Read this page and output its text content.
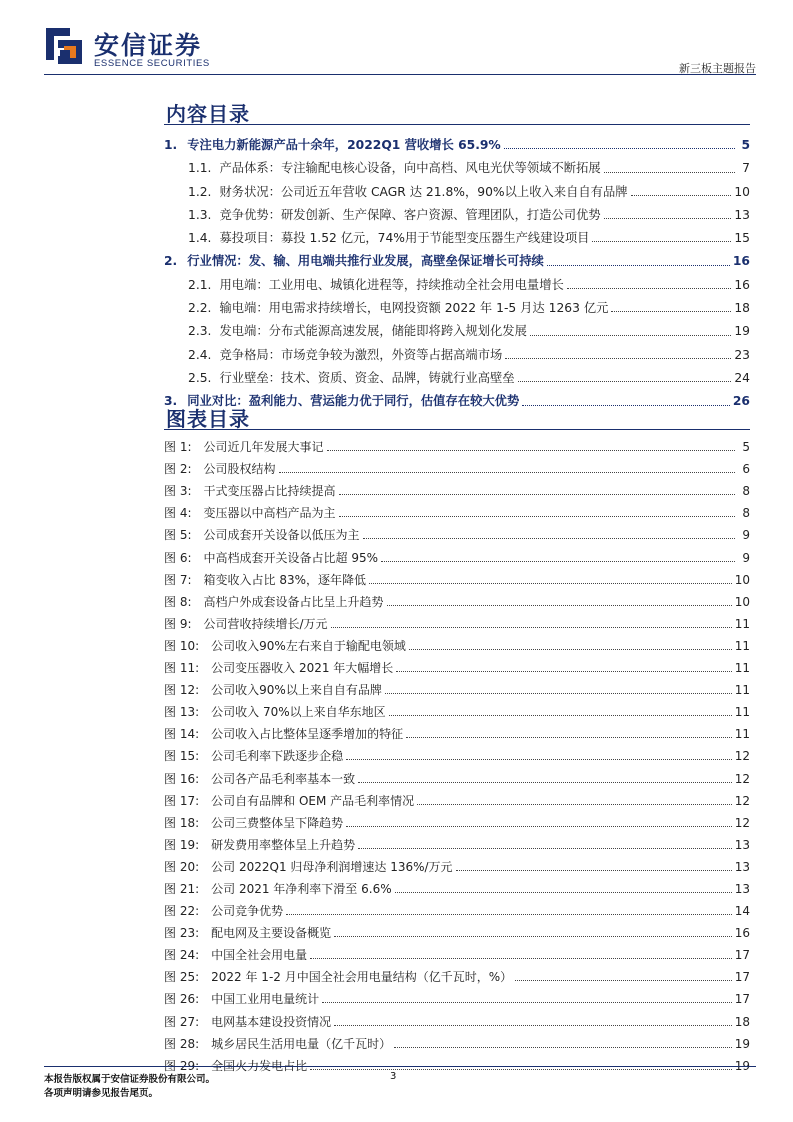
安信证券
ESSENCE SECURITIES	新三板主题报告
内容目录
1. 专注电力新能源产品十余年，2022Q1 营收增长 65.9%	5
1.1. 产品体系：专注输配电核心设备，向中高档、风电光伏等领域不断拓展	7
1.2. 财务状况：公司近五年营收 CAGR 达 21.8%，90%以上收入来自自有品牌	10
1.3. 竞争优势：研发创新、生产保障、客户资源、管理团队，打造公司优势	13
1.4. 募投项目：募投 1.52 亿元，74%用于节能型变压器生产线建设项目	15
2. 行业情况：发、输、用电端共推行业发展，高壁垒保证增长可持续	16
2.1. 用电端：工业用电、城镇化进程等，持续推动全社会用电量增长	16
2.2. 输电端：用电需求持续增长，电网投资额 2022 年 1-5 月达 1263 亿元	18
2.3. 发电端：分布式能源高速发展，储能即将跨入规划化发展	19
2.4. 竞争格局：市场竞争较为激烈，外资等占据高端市场	23
2.5. 行业壁垒：技术、资质、资金、品牌，铸就行业高壁垒	24
3. 同业对比：盈利能力、营运能力优于同行，估值存在较大优势	26
图表目录
图 1: 公司近几年发展大事记	5
图 2: 公司股权结构	6
图 3: 干式变压器占比持续提高	8
图 4: 变压器以中高档产品为主	8
图 5: 公司成套开关设备以低压为主	9
图 6: 中高档成套开关设备占比超 95%	9
图 7: 箱变收入占比 83%，逐年降低	10
图 8: 高档户外成套设备占比呈上升趋势	10
图 9: 公司营收持续增长/万元	11
图 10: 公司收入90%左右来自于输配电领域	11
图 11: 公司变压器收入 2021 年大幅增长	11
图 12: 公司收入90%以上来自自有品牌	11
图 13: 公司收入 70%以上来自华东地区	11
图 14: 公司收入占比整体呈逐季增加的特征	11
图 15: 公司毛利率下跌逐步企稳	12
图 16: 公司各产品毛利率基本一致	12
图 17: 公司自有品牌和 OEM 产品毛利率情况	12
图 18: 公司三费整体呈下降趋势	12
图 19: 研发费用率整体呈上升趋势	13
图 20: 公司 2022Q1 归母净利润增速达 136%/万元	13
图 21: 公司 2021 年净利率下滑至 6.6%	13
图 22: 公司竞争优势	14
图 23: 配电网及主要设备概览	16
图 24: 中国全社会用电量	17
图 25: 2022 年 1-2 月中国全社会用电量结构（亿千瓦时，%）	17
图 26: 中国工业用电量统计	17
图 27: 电网基本建设投资情况	18
图 28: 城乡居民生活用电量（亿千瓦时）	19
图 29: 全国火力发电占比	19
本报告版权属于安信证券股份有限公司。
各项声明请参见报告尾页。
3
